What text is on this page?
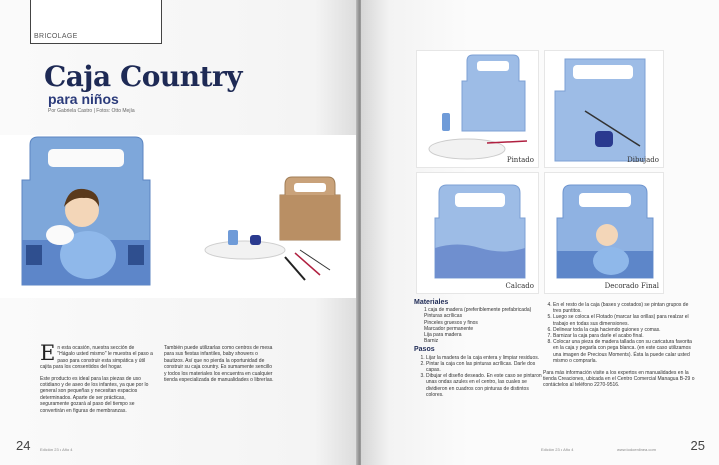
BRICOLAGE
Caja Country
para niños
Por Gabriela Castro | Fotos: Otto Mejía

En esta ocasión, nuestra sección de "Hágalo usted mismo" le muestra el paso a paso para construir esta simpática y útil cajita para los consentidos del hogar.

Este producto es ideal para las piezas de uso cotidiano y de aseo de los infantes, ya que por lo general son pequeñas y necesitan espacios determinados. Aparte de ser prácticas, seguramente gozará al paso del tiempo se convertirán en figuras de membranzas.

También puede utilizarlas como centros de mesa para sus fiestas infantiles, baby showers o bautizos. Así que no pierda la oportunidad de construir su caja country. Es sumamente sencillo y todos los materiales los encuentra en cualquier tienda especializada de manualidades o librerías.

24 Edición 23 • Año 4
Pintado	Dibujado
Calcado	Decorado Final
25
Edición 23 • Año 4	www.todoenlinea.com
Materiales
1 caja de madera (preferiblemente prefabricada)
Pinturas acrílicas
Pinceles gruesos y finos
Marcador permanente
Lija para madera
Barniz
Pasos
1. Lijar la madera de la caja entera y limpiar residuos.
2. Pintar la caja con las pinturas acrílicas. Darle dos capas.
3. Dibujar el diseño deseado. En este caso se pintaron unas ondas azules en el centro, las cuales se dividieron en cuadros con pinturas de distintos colores.
4. En el resto de la caja (bases y costados) se pintan grupos de tres puntitos.
5. Luego se coloca el Flotado (marcar las orillas) para realzar el trabajo en todas sus dimensiones.
6. Delinear toda la caja haciendo guiones y comas.
7. Barnizar la caja para darle el acabo final.
8. Colocar una pieza de madera tallada con su caricatura favorita en la caja y pegarla con pega blanca. (en este caso utilizamos una imagen de Precious Moments). Ésta la puede calar usted mismo o comprarla.

Para más información visite a los expertos en manualidades en la tienda Creaciones, ubicada en el Centro Comercial Managua B-29 o contáctelos al teléfono 2270-9516.
